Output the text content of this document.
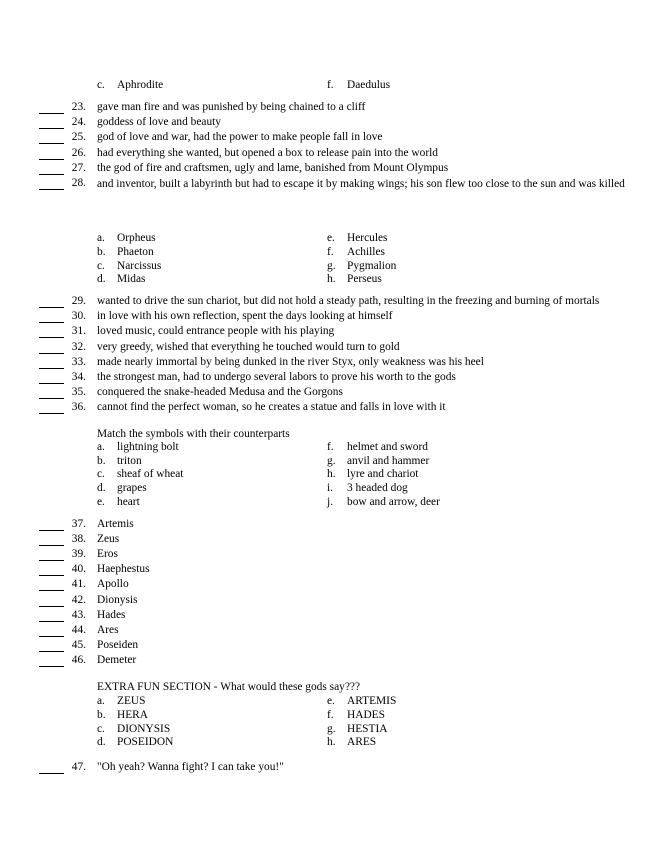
c. Aphrodite	f. Daedulus
23. gave man fire and was punished by being chained to a cliff
24. goddess of love and beauty
25. god of love and war, had the power to make people fall in love
26. had everything she wanted, but opened a box to release pain into the world
27. the god of fire and craftsmen, ugly and lame, banished from Mount Olympus
28. and inventor, built a labyrinth but had to escape it by making wings; his son flew too close to the sun and was killed
a. Orpheus
b. Phaeton
c. Narcissus
d. Midas
e. Hercules
f. Achilles
g. Pygmalion
h. Perseus
29. wanted to drive the sun chariot, but did not hold a steady path, resulting in the freezing and burning of mortals
30. in love with his own reflection, spent the days looking at himself
31. loved music, could entrance people with his playing
32. very greedy, wished that everything he touched would turn to gold
33. made nearly immortal by being dunked in the river Styx, only weakness was his heel
34. the strongest man, had to undergo several labors to prove his worth to the gods
35. conquered the snake-headed Medusa and the Gorgons
36. cannot find the perfect woman, so he creates a statue and falls in love with it
Match the symbols with their counterparts
a. lightning bolt
b. triton
c. sheaf of wheat
d. grapes
e. heart
f. helmet and sword
g. anvil and hammer
h. lyre and chariot
i. 3 headed dog
j. bow and arrow, deer
37. Artemis
38. Zeus
39. Eros
40. Haephestus
41. Apollo
42. Dionysis
43. Hades
44. Ares
45. Poseiden
46. Demeter
EXTRA FUN SECTION - What would these gods say???
a. ZEUS
b. HERA
c. DIONYSIS
d. POSEIDON
e. ARTEMIS
f. HADES
g. HESTIA
h. ARES
47. "Oh yeah? Wanna fight? I can take you!"
